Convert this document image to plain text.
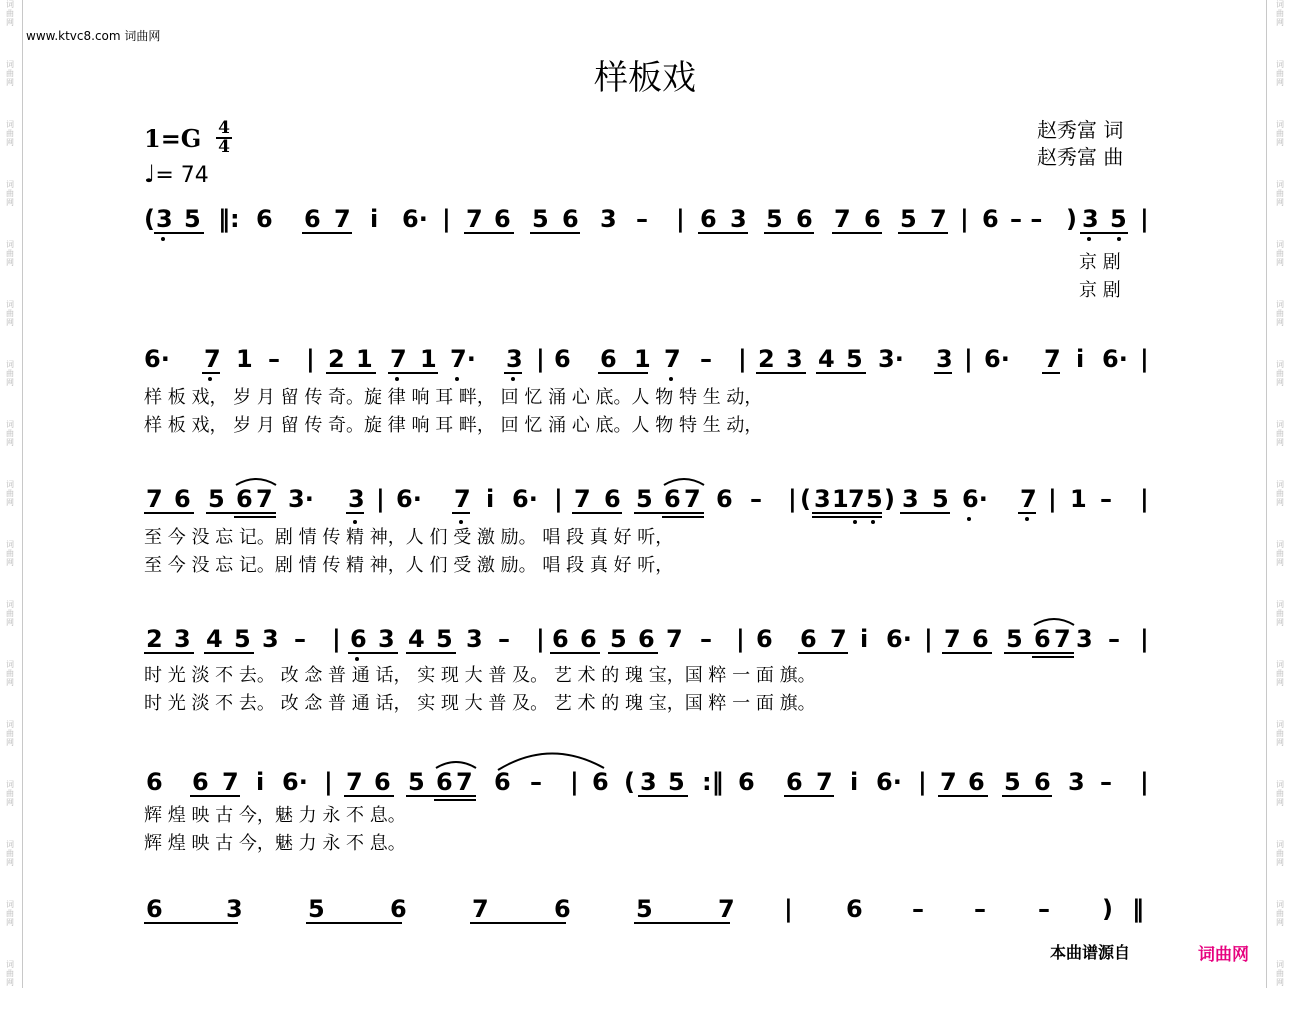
词
曲
网
词
曲
网
词
曲
网
词
曲
网
词
曲
网
词
曲
网
词
曲
网
词
曲
网
词
曲
网
词
曲
网
词
曲
网
词
曲
网
词
曲
网
词
曲
网
词
曲
网
词
曲
网
词
曲
网
词
曲
网
词
曲
网
词
曲
网
词
曲
网
词
曲
网
词
曲
网
词
曲
网
词
曲
网
词
曲
网
词
曲
网
词
曲
网
词
曲
网
词
曲
网
词
曲
网
词
曲
网
词
曲
网
词
曲
网
www.ktvc8.com 词曲网
样板戏
赵秀富 词
赵秀富 曲
1=G 4
4
♩= 74
( 3 5 ‖: 6 6 7 i 6· | 7 6 5 6 3 – | 6 3 5 6 7 6 5 7 | 6 – – ) 3 5 |
京 剧
京 剧
6· 7 1 – | 2 1 7 1 7· 3 | 6 6 1 7 – | 2 3 4 5 3· 3 | 6· 7 i 6· |
样 板 戏， 岁 月 留 传 奇。旋 律 响 耳 畔， 回 忆 涌 心 底。人 物 特 生 动，
样 板 戏， 岁 月 留 传 奇。旋 律 响 耳 畔， 回 忆 涌 心 底。人 物 特 生 动，
7 6 5 6 7 3· 3 | 6· 7 i 6· | 7 6 5 6 7 6 – | ( 3 1 7 5 ) 3 5 6· 7 | 1 – |
至 今 没 忘 记。剧 情 传 精 神，人 们 受 激 励。 唱 段 真 好 听，
至 今 没 忘 记。剧 情 传 精 神，人 们 受 激 励。 唱 段 真 好 听，
2 3 4 5 3 – | 6 3 4 5 3 – | 6 6 5 6 7 – | 6 6 7 i 6· | 7 6 5 6 7 3 – |
时 光 淡 不 去。 改 念 普 通 话， 实 现 大 普 及。 艺 术 的 瑰 宝，国 粹 一 面 旗。
时 光 淡 不 去。 改 念 普 通 话， 实 现 大 普 及。 艺 术 的 瑰 宝，国 粹 一 面 旗。
6 6 7 i 6· | 7 6 5 6 7 6 – | 6 ( 3 5 :‖ 6 6 7 i 6· | 7 6 5 6 3 – |
辉 煌 映 古 今，魅 力 永 不 息。
辉 煌 映 古 今，魅 力 永 不 息。
6	3	5	6	7	6	5	7 | 6 – – – ) ‖
本曲谱源自	词曲网
